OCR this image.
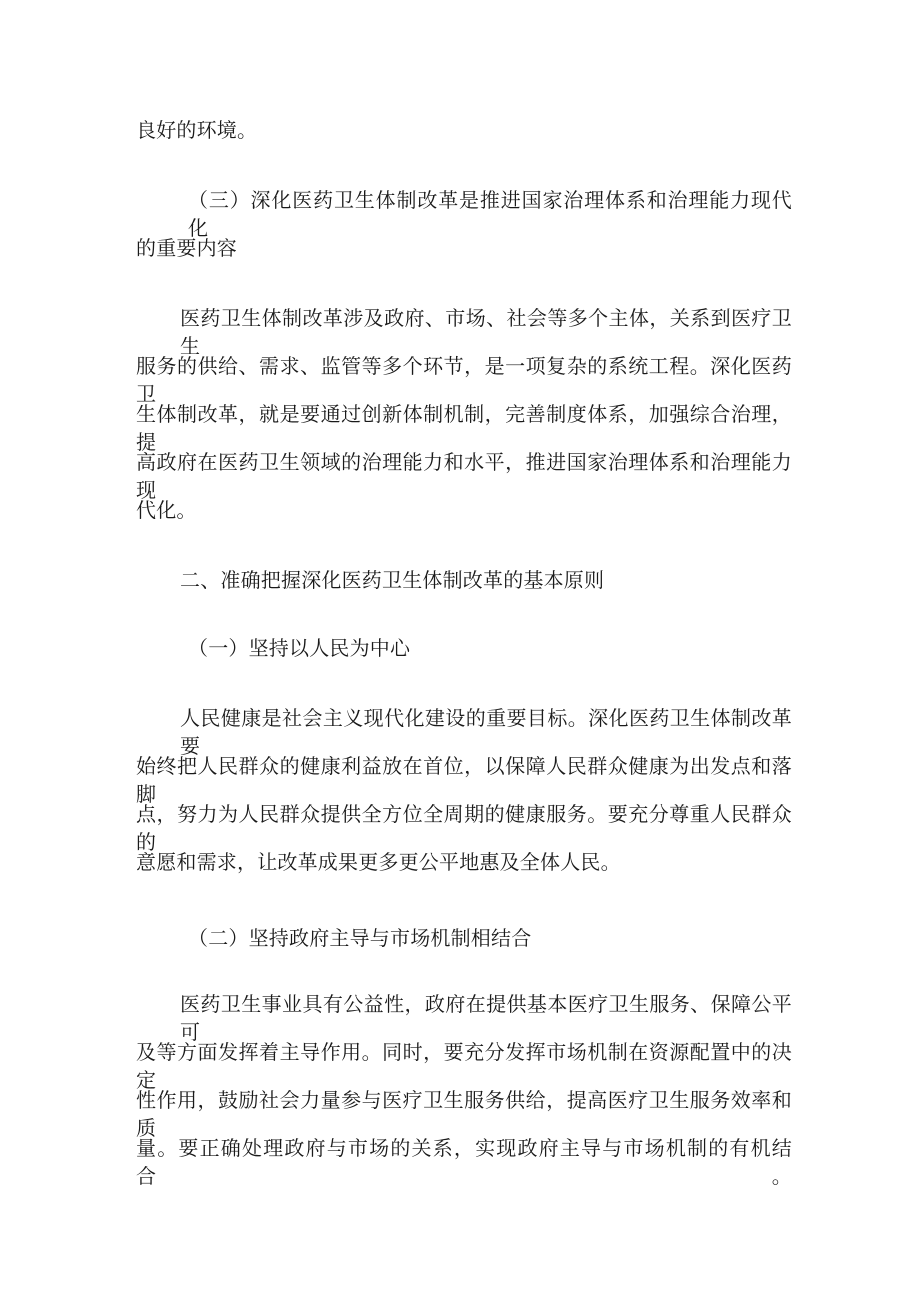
良好的环境。
（三）深化医药卫生体制改革是推进国家治理体系和治理能力现代化
的重要内容
医药卫生体制改革涉及政府、市场、社会等多个主体，关系到医疗卫生
服务的供给、需求、监管等多个环节，是一项复杂的系统工程。深化医药卫
生体制改革，就是要通过创新体制机制，完善制度体系，加强综合治理，提
高政府在医药卫生领域的治理能力和水平，推进国家治理体系和治理能力现
代化。
二、准确把握深化医药卫生体制改革的基本原则
（一）坚持以人民为中心
人民健康是社会主义现代化建设的重要目标。深化医药卫生体制改革要
始终把人民群众的健康利益放在首位，以保障人民群众健康为出发点和落脚
点，努力为人民群众提供全方位全周期的健康服务。要充分尊重人民群众的
意愿和需求，让改革成果更多更公平地惠及全体人民。
（二）坚持政府主导与市场机制相结合
医药卫生事业具有公益性，政府在提供基本医疗卫生服务、保障公平可
及等方面发挥着主导作用。同时，要充分发挥市场机制在资源配置中的决定
性作用，鼓励社会力量参与医疗卫生服务供给，提高医疗卫生服务效率和质
量。要正确处理政府与市场的关系，实现政府主导与市场机制的有机结合。
